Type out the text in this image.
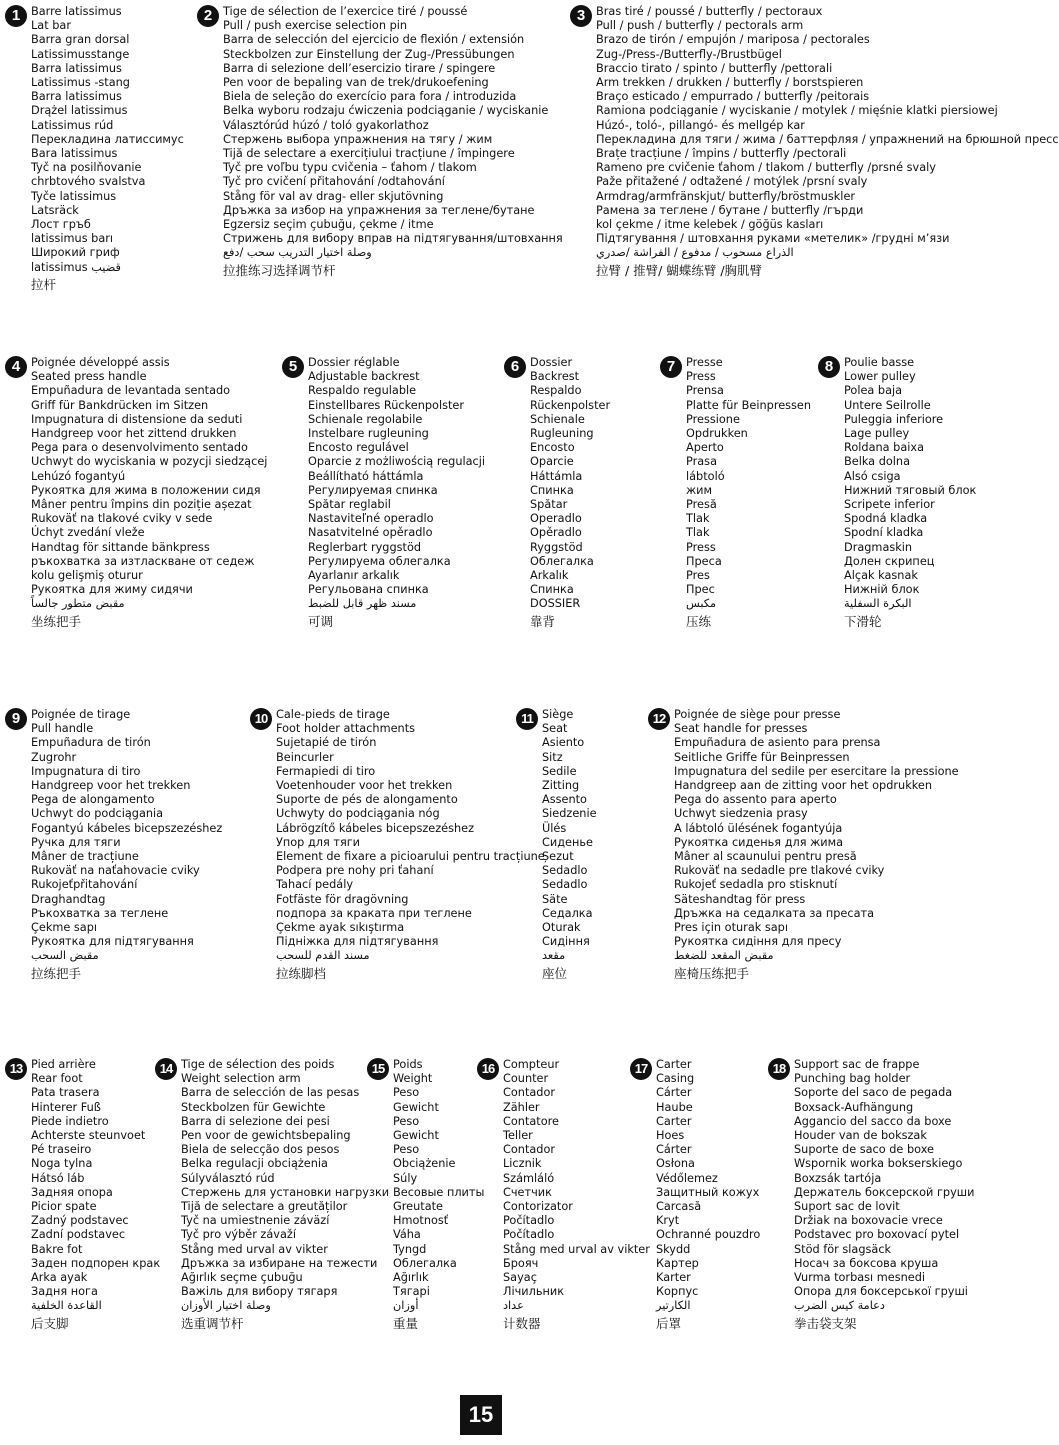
1 Barre latissimus
Lat bar
Barra gran dorsal
Latissimusstange
Barra latissimus
Latissimus -stang
Barra latissimus
Drążel latissimus
Latissimus rúd
Перекладина латиссимус
Bara latissimus
Tyč na posilňovanie
chrbtového svalstva
Tyče latissimus
Latsräck
Лост гръб
latissimus barı
Широкий гриф
latissimus قضيب
拉杆
2 Tige de sélection de l’exercice tiré / poussé
Pull / push exercise selection pin
Barra de selección del ejercicio de flexión / extensión
Steckbolzen zur Einstellung der Zug-/Pressübungen
Barra di selezione dell’esercizio tirare / spingere
Pen voor de bepaling van de trek/drukoefening
Biela de seleção do exercício para fora / introduzida
Belka wyboru rodzaju ćwiczenia podciąganie / wyciskanie
Választórúd húzó / toló gyakorlathoz
Стержень выбора упражнения на тягу / жим
Tijă de selectare a exercițiului tracțiune / împingere
Tyč pre voľbu typu cvičenia – ťahom / tlakom
Tyč pro cvičení přitahování /odtahování
Stång för val av drag- eller skjutövning
Дръжка за избор на упражнения за теглене/бутане
Egzersiz seçim çubuğu, çekme / itme
Стрижень для вибору вправ на підтягування/штовхання
وصلة اختيار التدريب سحب /دفع
拉推练习选择调节杆
3 Bras tiré / poussé / butterfly / pectoraux
Pull / push / butterfly / pectorals arm
Brazo de tirón / empujón / mariposa / pectorales
Zug-/Press-/Butterfly-/Brustbügel
Braccio tirato / spinto / butterfly /pettorali
Arm trekken / drukken / butterfly / borstspieren
Braço esticado / empurrado / butterfly /peitorais
Ramiona podciąganie / wyciskanie / motylek / mięśnie klatki piersiowej
Húzó-, toló-, pillangó- és mellgép kar
Перекладина для тяги / жима / баттерфляя / упражнений на брюшной пресс
Brațe tracțiune / împins / butterfly /pectorali
Rameno pre cvičenie ťahom / tlakom / butterfly /prsné svaly
Paže přitažené / odtažené / motýlek /prsní svaly
Armdrag/armfränskjut/ butterfly/bröstmuskler
Рамена за теглене / бутане / butterfly /гърди
kol çekme / itme kelebek / göğüs kasları
Підтягування / штовхання руками «метелик» /грудні м’язи
الذراع مسحوب / مدفوع / الفراشة /صدري
拉臂 / 推臂/ 蝴蝶练臂 /胸肌臂
4 Poignée développé assis
Seated press handle
Empuñadura de levantada sentado
Griff für Bankdrücken im Sitzen
Impugnatura di distensione da seduti
Handgreep voor het zittend drukken
Pega para o desenvolvimento sentado
Uchwyt do wyciskania w pozycji siedzącej
Lehúzó fogantyú
Рукоятка для жима в положении сидя
Mâner pentru împins din poziție așezat
Rukoväť na tlakové cviky v sede
Úchyt zvedání vleže
Handtag för sittande bänkpress
ръкохватка за изтласкване от седеж
kolu gelişmiş oturur
Рукоятка для жиму сидячи
مقبض متطور جالساً
坐练把手
5 Dossier réglable
Adjustable backrest
Respaldo regulable
Einstellbares Rückenpolster
Schienale regolabile
Instelbare rugleuning
Encosto regulável
Oparcie z możliwością regulacji
Beállítható háttámla
Регулируемая спинка
Spătar reglabil
Nastaviteľné operadlo
Nasatvitelné opěradlo
Reglerbart ryggstöd
Регулируема облегалка
Ayarlanır arkalık
Регульована спинка
مسند ظهر قابل للضبط
可调
6 Dossier
Backrest
Respaldo
Rückenpolster
Schienale
Rugleuning
Encosto
Oparcie
Háttámla
Спинка
Spătar
Operadlo
Opěradlo
Ryggstöd
Облегалка
Arkalık
Спинка
DOSSIER
靠背
7 Presse
Press
Prensa
Platte für Beinpressen
Pressione
Opdrukken
Aperto
Prasa
lábtoló
жим
Presă
Tlak
Tlak
Press
Преса
Pres
Прес
مكبس
压练
8 Poulie basse
Lower pulley
Polea baja
Untere Seilrolle
Puleggia inferiore
Lage pulley
Roldana baixa
Belka dolna
Alsó csiga
Нижний тяговый блок
Scripete inferior
Spodná kladka
Spodní kladka
Dragmaskin
Долен скрипец
Alçak kasnak
Нижній блок
البكرة السفلية
下滑轮
9 Poignée de tirage
Pull handle
Empuñadura de tirón
Zugrohr
Impugnatura di tiro
Handgreep voor het trekken
Pega de alongamento
Uchwyt do podciągania
Fogantyú kábeles bicepszezéshez
Ручка для тяги
Mâner de tracțiune
Rukoväť na naťahovacie cviky
Rukojeťpřitahování
Draghandtag
Ръкохватка за теглене
Çekme sapı
Рукоятка для підтягування
مقبض السحب
拉练把手
10 Cale-pieds de tirage
Foot holder attachments
Sujetapié de tirón
Beincurler
Fermapiedi di tiro
Voetenhouder voor het trekken
Suporte de pés de alongamento
Uchwyty do podciągania nóg
Lábrögzítő kábeles bicepszezéshez
Упор для тяги
Element de fixare a picioarului pentru tracțiune
Podpera pre nohy pri ťahaní
Tahací pedály
Fotfäste för dragövning
подпора за краката при теглене
Çekme ayak sıkıştırma
Підніжка для підтягування
مسند القدم للسحب
拉练脚档
11 Siège
Seat
Asiento
Sitz
Sedile
Zitting
Assento
Siedzenie
Ülés
Сиденье
Șezut
Sedadlo
Sedadlo
Säte
Седалка
Oturak
Сидіння
مقعد
座位
12 Poignée de siège pour presse
Seat handle for presses
Empuñadura de asiento para prensa
Seitliche Griffe für Beinpressen
Impugnatura del sedile per esercitare la pressione
Handgreep aan de zitting voor het opdrukken
Pega do assento para aperto
Uchwyt siedzenia prasy
A lábtoló ülésének fogantyúja
Рукоятка сиденья для жима
Mâner al scaunului pentru presă
Rukoväť na sedadle pre tlakové cviky
Rukojeť sedadla pro stisknutí
Sätеshandtag för press
Дръжка на седалката за пресата
Pres için oturak sapı
Рукоятка сидіння для пресу
مقبض المقعد للضغط
座椅压练把手
13 Pied arrière
Rear foot
Pata trasera
Hinterer Fuß
Piede indietro
Achterste steunvoet
Pé traseiro
Noga tylna
Hátsó láb
Задняя опора
Picior spate
Zadný podstavec
Zadní podstavec
Bakre fot
Заден подпорен крак
Arka ayak
Задня нога
القاعدة الخلفية
后支脚
14 Tige de sélection des poids
Weight selection arm
Barra de selección de las pesas
Steckbolzen für Gewichte
Barra di selezione dei pesi
Pen voor de gewichtsbepaling
Biela de selecção dos pesos
Belka regulacji obciążenia
Súlyválasztó rúd
Стержень для установки нагрузки
Tijă de selectare a greutăților
Tyč na umiestnenie záväzí
Tyč pro výběr závaží
Stång med urval av vikter
Дръжка за избиране на тежести
Ağırlık seçme çubuğu
Важіль для вибору тягаря
وصلة اختيار الأوزان
选重调节杆
15 Poids
Weight
Peso
Gewicht
Peso
Gewicht
Peso
Obciążenie
Súly
Весовые плиты
Greutate
Hmotnosť
Váha
Tyngd
Облегалка
Ağırlık
Тягарі
أوزان
重量
16 Compteur
Counter
Contador
Zähler
Contatore
Teller
Contador
Licznik
Számláló
Счетчик
Contorizator
Počítadlo
Počítadlo
Stång med urval av vikter
Брояч
Sayaç
Лічильник
عداد
计数器
17 Carter
Casing
Cárter
Haube
Carter
Hoes
Cárter
Osłona
Védőlemez
Защитный кожух
Carcasă
Kryt
Ochranné pouzdro
Skydd
Картер
Karter
Корпус
الكارتير
后罩
18 Support sac de frappe
Punching bag holder
Soporte del saco de pegada
Boxsack-Aufhängung
Aggancio del sacco da boxe
Houder van de bokszak
Suporte de saco de boxe
Wspornik worka bokserskiego
Boxzsák tartója
Держатель боксерской груши
Suport sac de lovit
Držiak na boxovacie vrece
Podstavec pro boxovací pytel
Stöd för slagsäck
Носач за боксова круша
Vurma torbası mesnedi
Опора для боксерської груші
دعامة كيس الضرب
拳击袋支架
15
